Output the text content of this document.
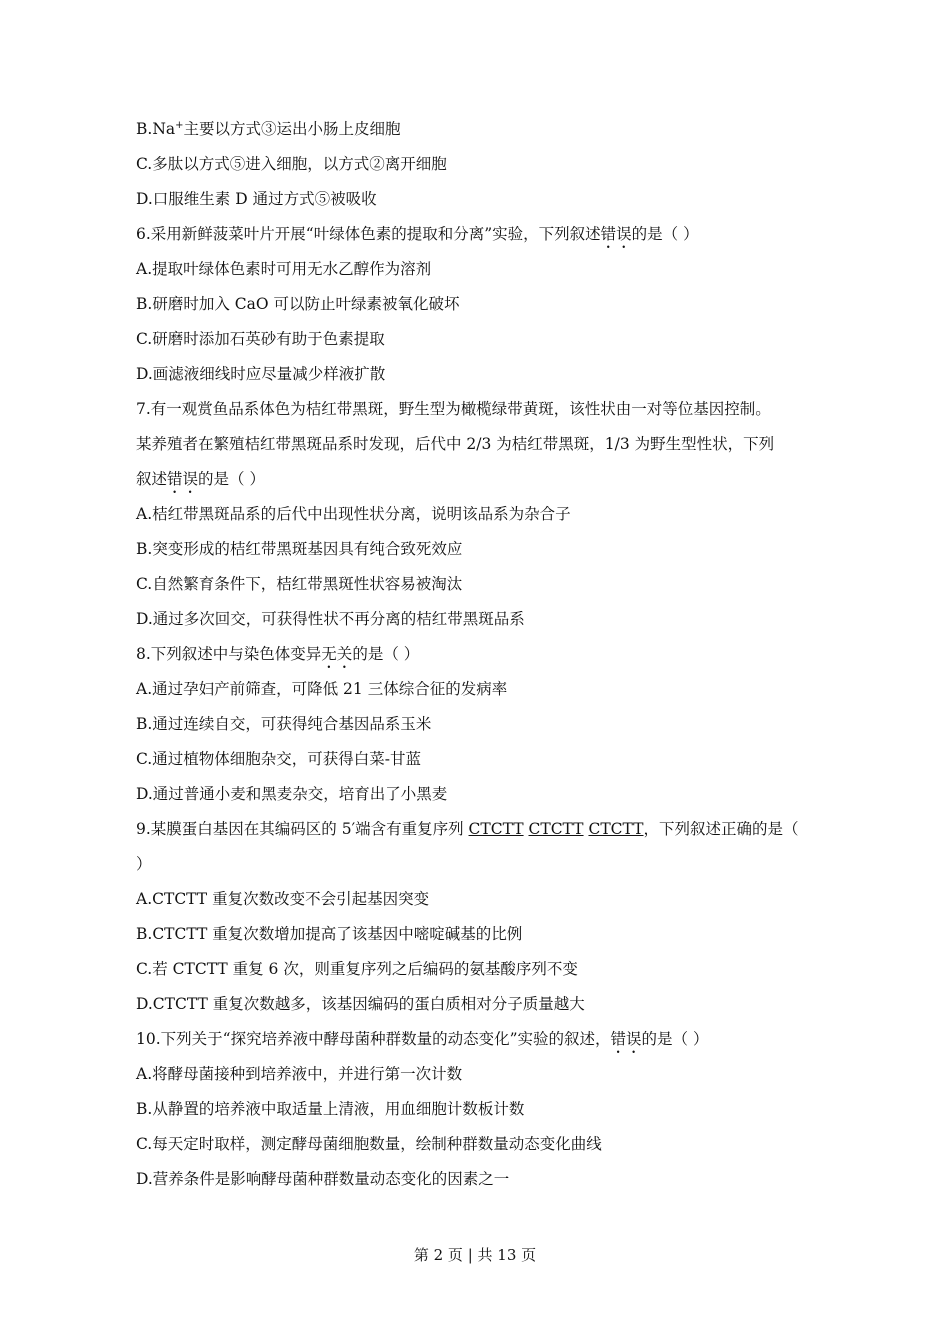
B.Na+主要以方式③运出小肠上皮细胞
C.多肽以方式⑤进入细胞，以方式②离开细胞
D.口服维生素 D 通过方式⑤被吸收
6.采用新鲜菠菜叶片开展“叶绿体色素的提取和分离”实验，下列叙述错误的是（ ）
A.提取叶绿体色素时可用无水乙醇作为溶剂
B.研磨时加入 CaO 可以防止叶绿素被氧化破坏
C.研磨时添加石英砂有助于色素提取
D.画滤液细线时应尽量减少样液扩散
7.有一观赏鱼品系体色为桔红带黑斑，野生型为橄榄绿带黄斑，该性状由一对等位基因控制。
某养殖者在繁殖桔红带黑斑品系时发现，后代中 2/3 为桔红带黑斑，1/3 为野生型性状，下列
叙述错误的是（ ）
A.桔红带黑斑品系的后代中出现性状分离，说明该品系为杂合子
B.突变形成的桔红带黑斑基因具有纯合致死效应
C.自然繁育条件下，桔红带黑斑性状容易被淘汰
D.通过多次回交，可获得性状不再分离的桔红带黑斑品系
8.下列叙述中与染色体变异无关的是（ ）
A.通过孕妇产前筛查，可降低 21 三体综合征的发病率
B.通过连续自交，可获得纯合基因品系玉米
C.通过植物体细胞杂交，可获得白菜-甘蓝
D.通过普通小麦和黑麦杂交，培育出了小黑麦
9.某膜蛋白基因在其编码区的 5′端含有重复序列 CTCTT CTCTT CTCTT，下列叙述正确的是（
）
A.CTCTT 重复次数改变不会引起基因突变
B.CTCTT 重复次数增加提高了该基因中嘧啶碱基的比例
C.若 CTCTT 重复 6 次，则重复序列之后编码的氨基酸序列不变
D.CTCTT 重复次数越多，该基因编码的蛋白质相对分子质量越大
10.下列关于“探究培养液中酵母菌种群数量的动态变化”实验的叙述，错误的是（ ）
A.将酵母菌接种到培养液中，并进行第一次计数
B.从静置的培养液中取适量上清液，用血细胞计数板计数
C.每天定时取样，测定酵母菌细胞数量，绘制种群数量动态变化曲线
D.营养条件是影响酵母菌种群数量动态变化的因素之一
第 2 页 | 共 13 页
